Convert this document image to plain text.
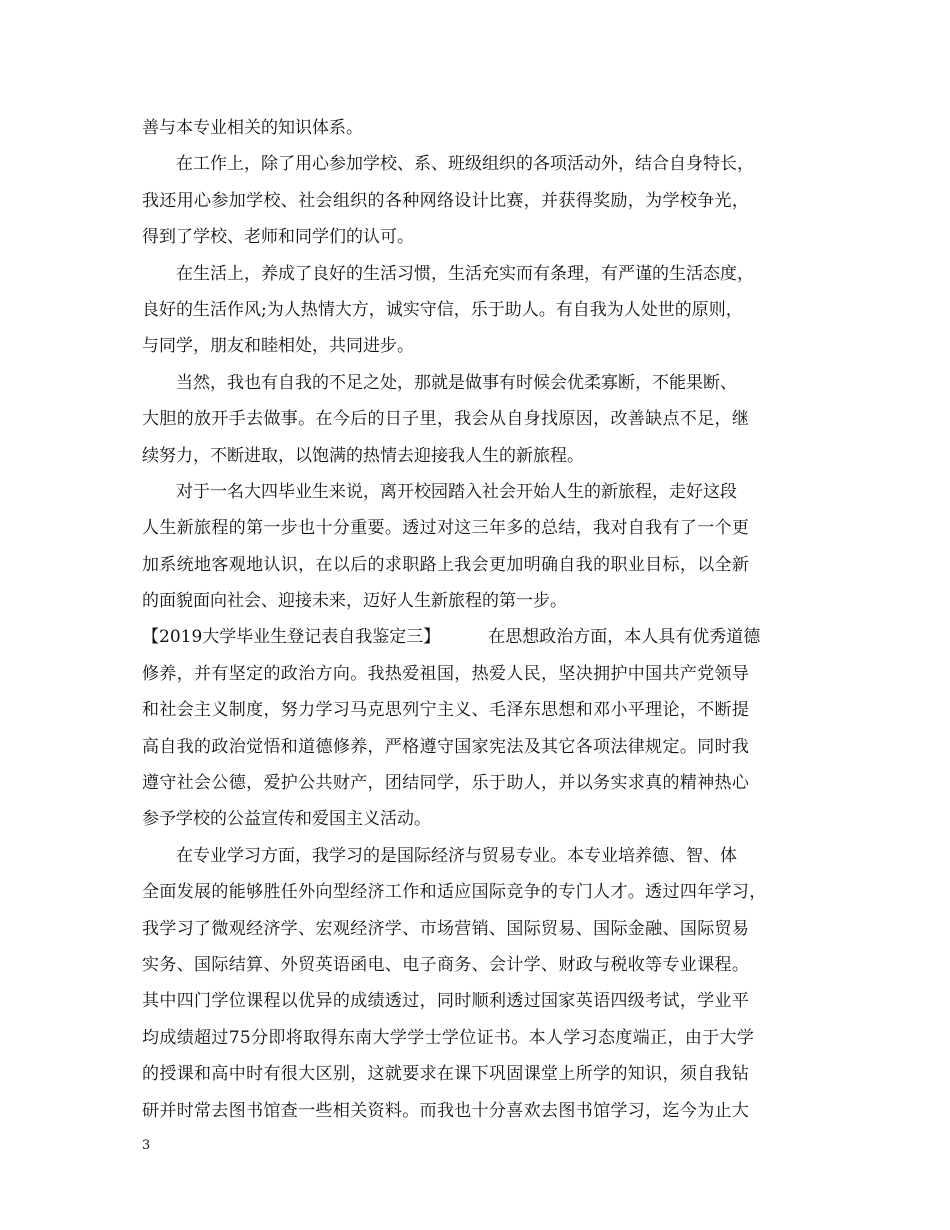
善与本专业相关的知识体系。
在工作上，除了用心参加学校、系、班级组织的各项活动外，结合自身特长，
我还用心参加学校、社会组织的各种网络设计比赛，并获得奖励，为学校争光，
得到了学校、老师和同学们的认可。
在生活上，养成了良好的生活习惯，生活充实而有条理，有严谨的生活态度，
良好的生活作风;为人热情大方，诚实守信，乐于助人。有自我为人处世的原则，
与同学，朋友和睦相处，共同进步。
当然，我也有自我的不足之处，那就是做事有时候会优柔寡断，不能果断、
大胆的放开手去做事。在今后的日子里，我会从自身找原因，改善缺点不足，继
续努力，不断进取，以饱满的热情去迎接我人生的新旅程。
对于一名大四毕业生来说，离开校园踏入社会开始人生的新旅程，走好这段
人生新旅程的第一步也十分重要。透过对这三年多的总结，我对自我有了一个更
加系统地客观地认识，在以后的求职路上我会更加明确自我的职业目标，以全新
的面貌面向社会、迎接未来，迈好人生新旅程的第一步。
【2019大学毕业生登记表自我鉴定三】	在思想政治方面，本人具有优秀道德
修养，并有坚定的政治方向。我热爱祖国，热爱人民，坚决拥护中国共产党领导
和社会主义制度，努力学习马克思列宁主义、毛泽东思想和邓小平理论，不断提
高自我的政治觉悟和道德修养，严格遵守国家宪法及其它各项法律规定。同时我
遵守社会公德，爱护公共财产，团结同学，乐于助人，并以务实求真的精神热心
参予学校的公益宣传和爱国主义活动。
在专业学习方面，我学习的是国际经济与贸易专业。本专业培养德、智、体
全面发展的能够胜任外向型经济工作和适应国际竞争的专门人才。透过四年学习，
我学习了微观经济学、宏观经济学、市场营销、国际贸易、国际金融、国际贸易
实务、国际结算、外贸英语函电、电子商务、会计学、财政与税收等专业课程。
其中四门学位课程以优异的成绩透过，同时顺利透过国家英语四级考试，学业平
均成绩超过75分即将取得东南大学学士学位证书。本人学习态度端正，由于大学
的授课和高中时有很大区别，这就要求在课下巩固课堂上所学的知识，须自我钻
研并时常去图书馆查一些相关资料。而我也十分喜欢去图书馆学习，迄今为止大
3
